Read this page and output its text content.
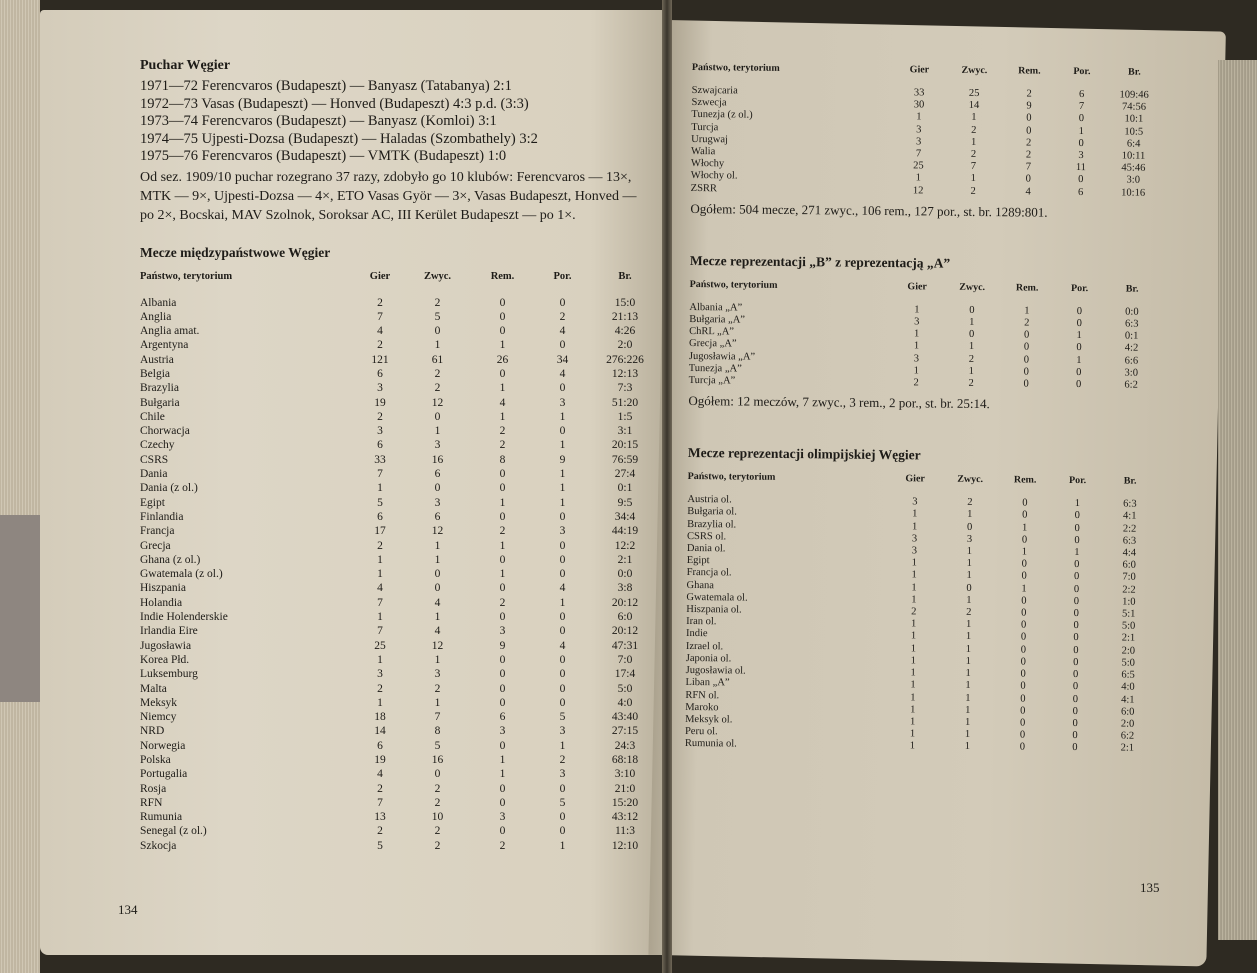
Puchar Węgier
1971—72 Ferencvaros (Budapeszt) — Banyasz (Tatabanya) 2:1
1972—73 Vasas (Budapeszt) — Honved (Budapeszt) 4:3 p.d. (3:3)
1973—74 Ferencvaros (Budapeszt) — Banyasz (Komloi) 3:1
1974—75 Ujpesti-Dozsa (Budapeszt) — Haladas (Szombathely) 3:2
1975—76 Ferencvaros (Budapeszt) — VMTK (Budapeszt) 1:0
Od sez. 1909/10 puchar rozegrano 37 razy, zdobyło go 10 klubów: Ferencvaros — 13×, MTK — 9×, Ujpesti-Dozsa — 4×, ETO Vasas Györ — 3×, Vasas Budapeszt, Honved — po 2×, Bocskai, MAV Szolnok, Soroksar AC, III Kerület Budapeszt — po 1×.
Mecze międzypaństwowe Węgier
Państwo, terytorium	Gier	Zwyc.	Rem.	Por.	Br.
Albania	2	2	0	0	15:0
Anglia	7	5	0	2	21:13
Anglia amat.	4	0	0	4	4:26
Argentyna	2	1	1	0	2:0
Austria	121	61	26	34	276:226
Belgia	6	2	0	4	12:13
Brazylia	3	2	1	0	7:3
Bułgaria	19	12	4	3	51:20
Chile	2	0	1	1	1:5
Chorwacja	3	1	2	0	3:1
Czechy	6	3	2	1	20:15
CSRS	33	16	8	9	76:59
Dania	7	6	0	1	27:4
Dania (z ol.)	1	0	0	1	0:1
Egipt	5	3	1	1	9:5
Finlandia	6	6	0	0	34:4
Francja	17	12	2	3	44:19
Grecja	2	1	1	0	12:2
Ghana (z ol.)	1	1	0	0	2:1
Gwatemala (z ol.)	1	0	1	0	0:0
Hiszpania	4	0	0	4	3:8
Holandia	7	4	2	1	20:12
Indie Holenderskie	1	1	0	0	6:0
Irlandia Eire	7	4	3	0	20:12
Jugosławia	25	12	9	4	47:31
Korea Płd.	1	1	0	0	7:0
Luksemburg	3	3	0	0	17:4
Malta	2	2	0	0	5:0
Meksyk	1	1	0	0	4:0
Niemcy	18	7	6	5	43:40
NRD	14	8	3	3	27:15
Norwegia	6	5	0	1	24:3
Polska	19	16	1	2	68:18
Portugalia	4	0	1	3	3:10
Rosja	2	2	0	0	21:0
RFN	7	2	0	5	15:20
Rumunia	13	10	3	0	43:12
Senegal (z ol.)	2	2	0	0	11:3
Szkocja	5	2	2	1	12:10
134
Państwo, terytorium	Gier	Zwyc.	Rem.	Por.	Br.
Szwajcaria	33	25	2	6	109:46
Szwecja	30	14	9	7	74:56
Tunezja (z ol.)	1	1	0	0	10:1
Turcja	3	2	0	1	10:5
Urugwaj	3	1	2	0	6:4
Walia	7	2	2	3	10:11
Włochy	25	7	7	11	45:46
Włochy ol.	1	1	0	0	3:0
ZSRR	12	2	4	6	10:16
Ogółem: 504 mecze, 271 zwyc., 106 rem., 127 por., st. br. 1289:801.
Mecze reprezentacji „B” z reprezentacją „A”
Państwo, terytorium	Gier	Zwyc.	Rem.	Por.	Br.
Albania „A”	1	0	1	0	0:0
Bułgaria „A”	3	1	2	0	6:3
ChRL „A”	1	0	0	1	0:1
Grecja „A”	1	1	0	0	4:2
Jugosławia „A”	3	2	0	1	6:6
Tunezja „A”	1	1	0	0	3:0
Turcja „A”	2	2	0	0	6:2
Ogółem: 12 meczów, 7 zwyc., 3 rem., 2 por., st. br. 25:14.
Mecze reprezentacji olimpijskiej Węgier
Państwo, terytorium	Gier	Zwyc.	Rem.	Por.	Br.
Austria ol.	3	2	0	1	6:3
Bułgaria ol.	1	1	0	0	4:1
Brazylia ol.	1	0	1	0	2:2
CSRS ol.	3	3	0	0	6:3
Dania ol.	3	1	1	1	4:4
Egipt	1	1	0	0	6:0
Francja ol.	1	1	0	0	7:0
Ghana	1	0	1	0	2:2
Gwatemala ol.	1	1	0	0	1:0
Hiszpania ol.	2	2	0	0	5:1
Iran ol.	1	1	0	0	5:0
Indie	1	1	0	0	2:1
Izrael ol.	1	1	0	0	2:0
Japonia ol.	1	1	0	0	5:0
Jugosławia ol.	1	1	0	0	6:5
Liban „A”	1	1	0	0	4:0
RFN ol.	1	1	0	0	4:1
Maroko	1	1	0	0	6:0
Meksyk ol.	1	1	0	0	2:0
Peru ol.	1	1	0	0	6:2
Rumunia ol.	1	1	0	0	2:1
135
